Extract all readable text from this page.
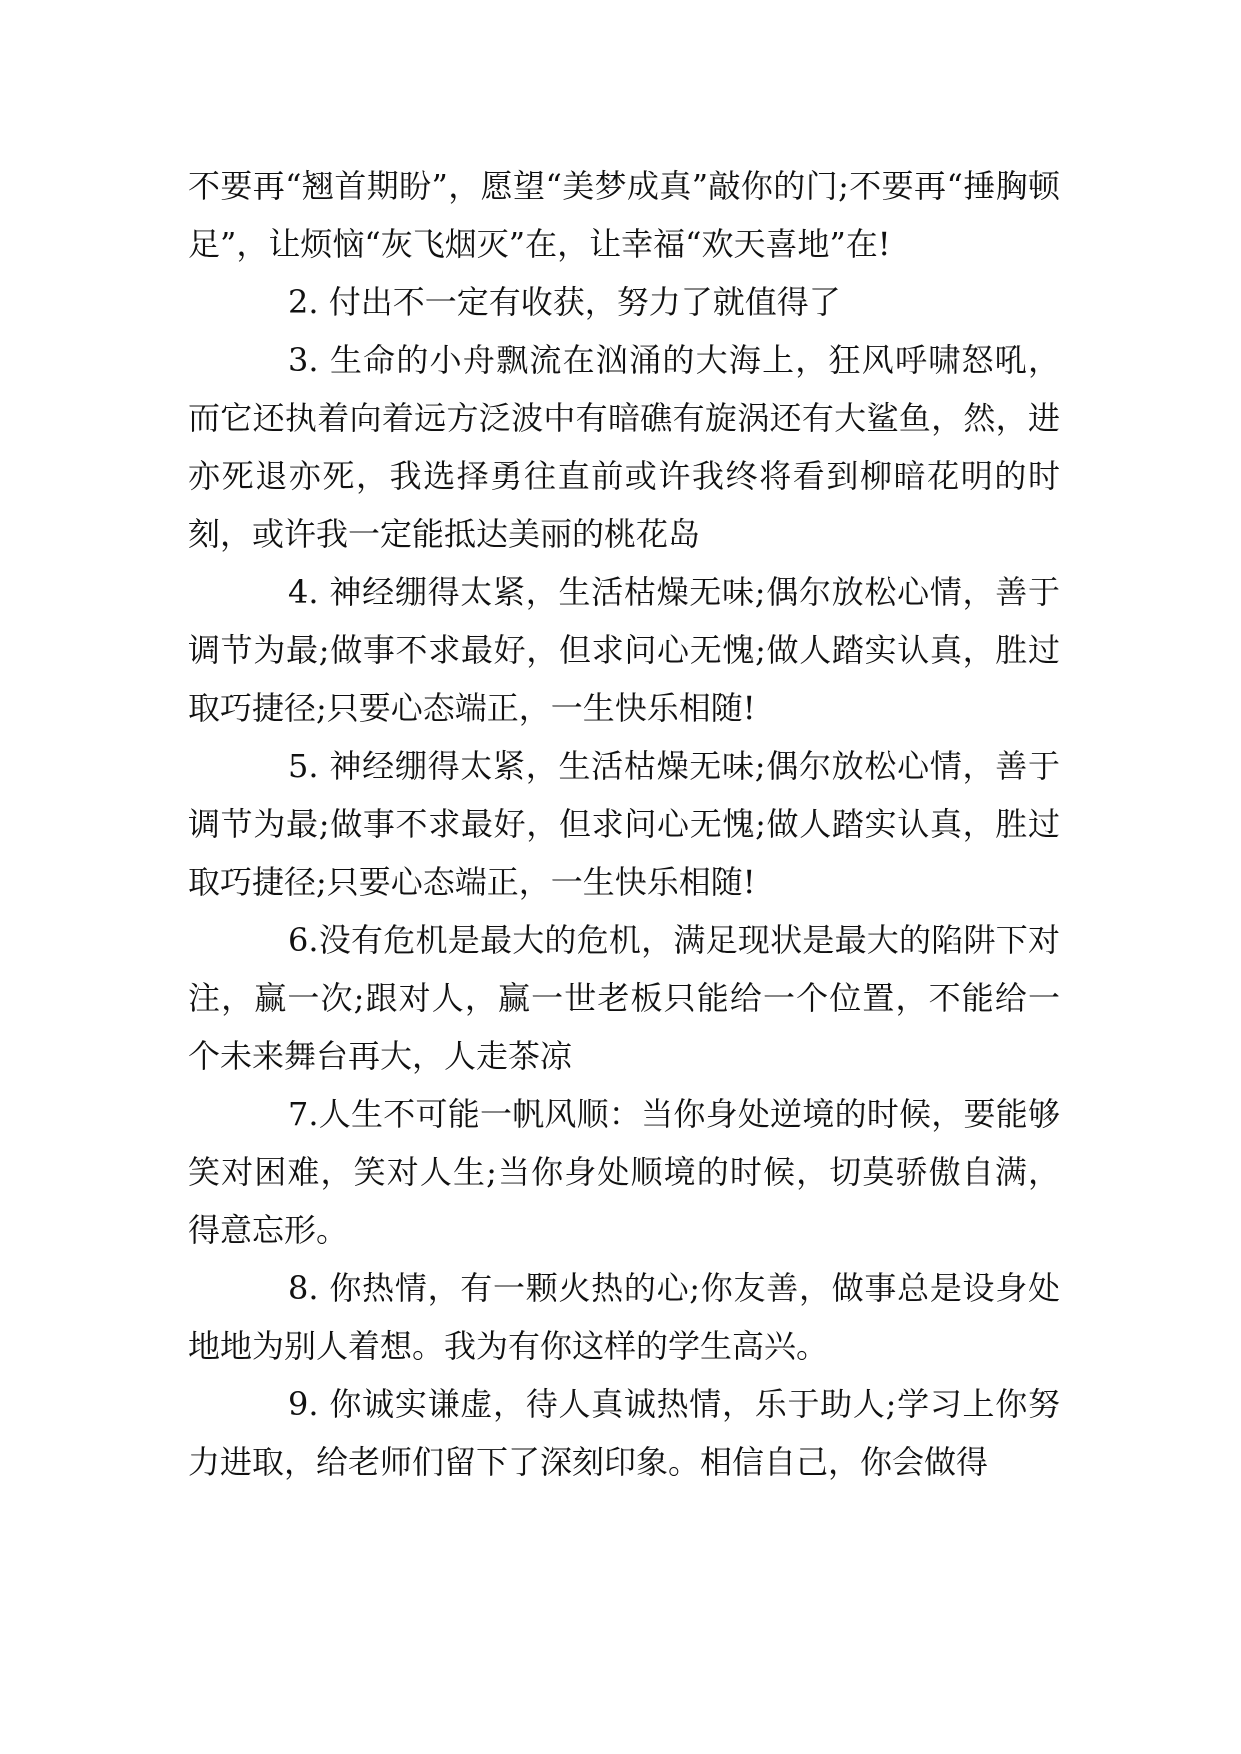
不要再“翘首期盼”，愿望“美梦成真”敲你的门;不要再“捶胸顿足”，让烦恼“灰飞烟灭”在，让幸福“欢天喜地”在!

2. 付出不一定有收获，努力了就值得了

3. 生命的小舟飘流在汹涌的大海上，狂风呼啸怒吼，而它还执着向着远方泛波中有暗礁有旋涡还有大鲨鱼，然，进亦死退亦死，我选择勇往直前或许我终将看到柳暗花明的时刻，或许我一定能抵达美丽的桃花岛

4. 神经绷得太紧，生活枯燥无味;偶尔放松心情，善于调节为最;做事不求最好，但求问心无愧;做人踏实认真，胜过取巧捷径;只要心态端正，一生快乐相随!

5. 神经绷得太紧，生活枯燥无味;偶尔放松心情，善于调节为最;做事不求最好，但求问心无愧;做人踏实认真，胜过取巧捷径;只要心态端正，一生快乐相随!

6.没有危机是最大的危机，满足现状是最大的陷阱下对注，赢一次;跟对人，赢一世老板只能给一个位置，不能给一个未来舞台再大，人走茶凉

7.人生不可能一帆风顺：当你身处逆境的时候，要能够笑对困难，笑对人生;当你身处顺境的时候，切莫骄傲自满，得意忘形。

8. 你热情，有一颗火热的心;你友善，做事总是设身处地地为别人着想。我为有你这样的学生高兴。

9. 你诚实谦虚，待人真诚热情，乐于助人;学习上你努力进取，给老师们留下了深刻印象。相信自己，你会做得
